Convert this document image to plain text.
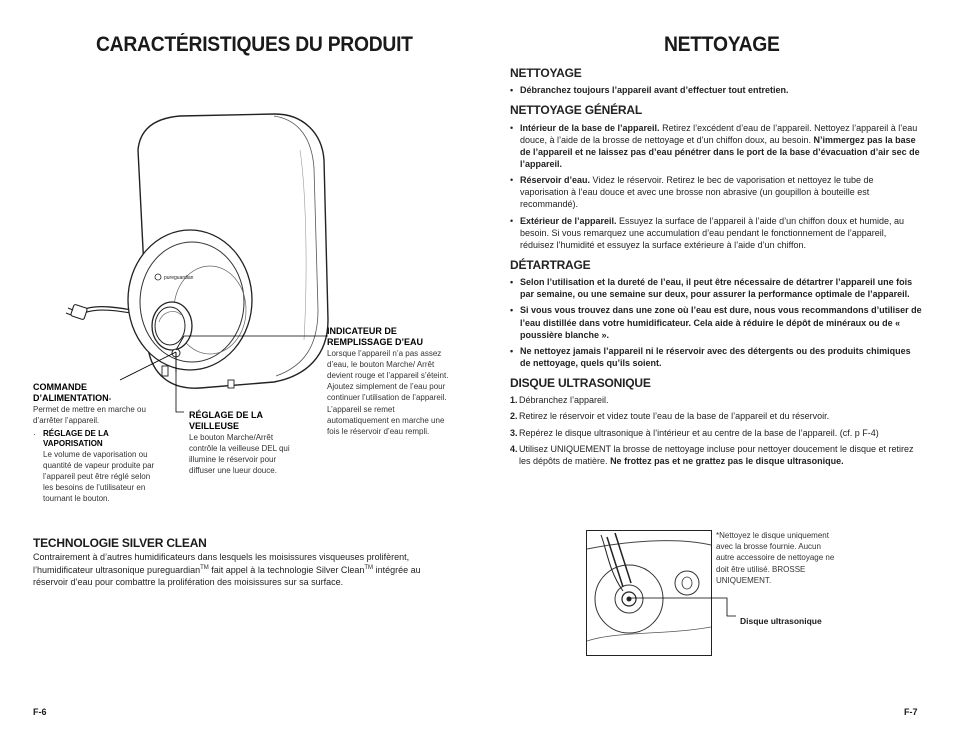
CARACTÉRISTIQUES DU PRODUIT
pureguardian
INDICATEUR DE REMPLISSAGE D’EAU
Lorsque l’appareil n’a pas assez d’eau, le bouton Marche/ Arrêt devient rouge et l’appareil s’éteint. Ajoutez simplement de l’eau pour continuer l’utilisation de l’appareil. L’appareil se remet automatiquement en marche une fois le réservoir d’eau rempli.
COMMANDE D’ALIMENTATION-
Permet de mettre en marche ou d’arrêter l’appareil.
· RÉGLAGE DE LA VAPORISATION
Le volume de vaporisation ou quantité de vapeur produite par l’appareil peut être réglé selon les besoins de l’utilisateur en tournant le bouton.
RÉGLAGE DE LA VEILLEUSE
Le bouton Marche/Arrêt contrôle la veilleuse DEL qui illumine le réservoir pour diffuser une lueur douce.
TECHNOLOGIE SILVER CLEAN
Contrairement à d’autres humidificateurs dans lesquels les moisissures visqueuses prolifèrent, l’humidificateur ultrasonique pureguardian™ fait appel à la technologie Silver Clean™ intégrée au réservoir d’eau pour combattre la prolifération des moisissures sur sa surface.
F-6
NETTOYAGE
NETTOYAGE
• Débranchez toujours l’appareil avant d’effectuer tout entretien.
NETTOYAGE GÉNÉRAL
• Intérieur de la base de l’appareil. Retirez l’excédent d’eau de l’appareil. Nettoyez l’appareil à l’eau douce, à l’aide de la brosse de nettoyage et d’un chiffon doux, au besoin. N’immergez pas la base de l’appareil et ne laissez pas d’eau pénétrer dans le port de la base d’évacuation d’air sec de l’appareil.
• Réservoir d’eau. Videz le réservoir. Retirez le bec de vaporisation et nettoyez le tube de vaporisation à l’eau douce et avec une brosse non abrasive (un goupillon à bouteille est recommandé).
• Extérieur de l’appareil. Essuyez la surface de l’appareil à l’aide d’un chiffon doux et humide, au besoin. Si vous remarquez une accumulation d’eau pendant le fonctionnement de l’appareil, réduisez l’humidité et essuyez la surface extérieure à l’aide d’un chiffon.
DÉTARTRAGE
• Selon l’utilisation et la dureté de l’eau, il peut être nécessaire de détartrer l’appareil une fois par semaine, ou une semaine sur deux, pour assurer la performance optimale de l’appareil.
• Si vous vous trouvez dans une zone où l’eau est dure, nous vous recommandons d’utiliser de l’eau distillée dans votre humidificateur. Cela aide à réduire le dépôt de minéraux ou de « poussière blanche ».
• Ne nettoyez jamais l’appareil ni le réservoir avec des détergents ou des produits chimiques de nettoyage, quels qu’ils soient.
DISQUE ULTRASONIQUE
1. Débranchez l’appareil.
2. Retirez le réservoir et videz toute l’eau de la base de l’appareil et du réservoir.
3. Repérez le disque ultrasonique à l’intérieur et au centre de la base de l’appareil. (cf. p F-4)
4. Utilisez UNIQUEMENT la brosse de nettoyage incluse pour nettoyer doucement le disque et retirez les dépôts de matière. Ne frottez pas et ne grattez pas le disque ultrasonique.
*Nettoyez le disque uniquement avec la brosse fournie. Aucun autre accessoire de nettoyage ne doit être utilisé. BROSSE UNIQUEMENT.
Disque ultrasonique
F-7
